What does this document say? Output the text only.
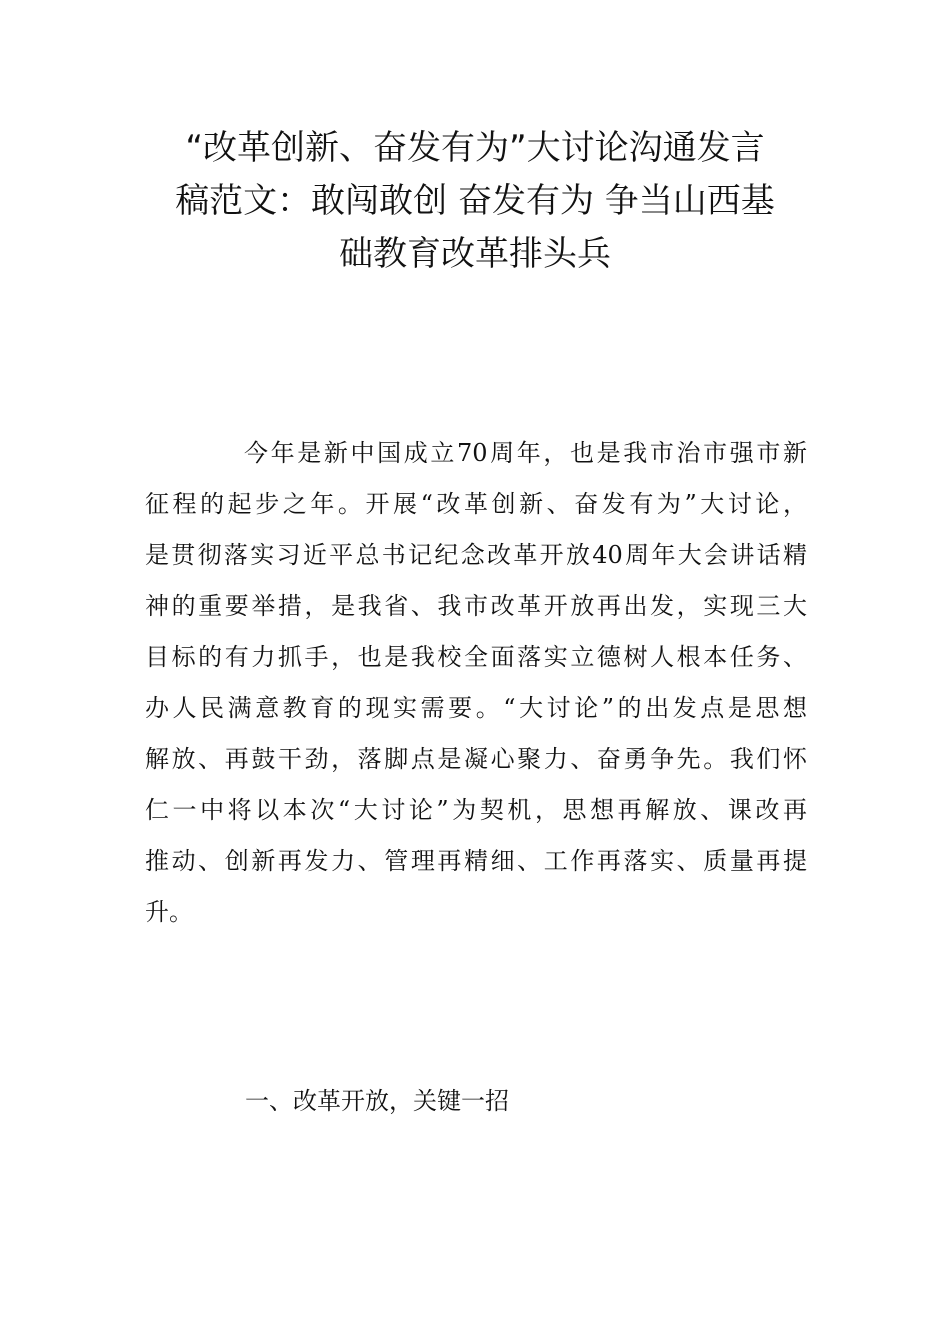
“改革创新、奋发有为”大讨论沟通发言
稿范文：敢闯敢创 奋发有为 争当山西基
础教育改革排头兵

今年是新中国成立70周年，也是我市治市强市新
征程的起步之年。开展“改革创新、奋发有为”大讨论，
是贯彻落实习近平总书记纪念改革开放40周年大会讲话精
神的重要举措，是我省、我市改革开放再出发，实现三大
目标的有力抓手，也是我校全面落实立德树人根本任务、
办人民满意教育的现实需要。“大讨论”的出发点是思想
解放、再鼓干劲，落脚点是凝心聚力、奋勇争先。我们怀
仁一中将以本次“大讨论”为契机，思想再解放、课改再
推动、创新再发力、管理再精细、工作再落实、质量再提
升。

一、改革开放，关键一招
